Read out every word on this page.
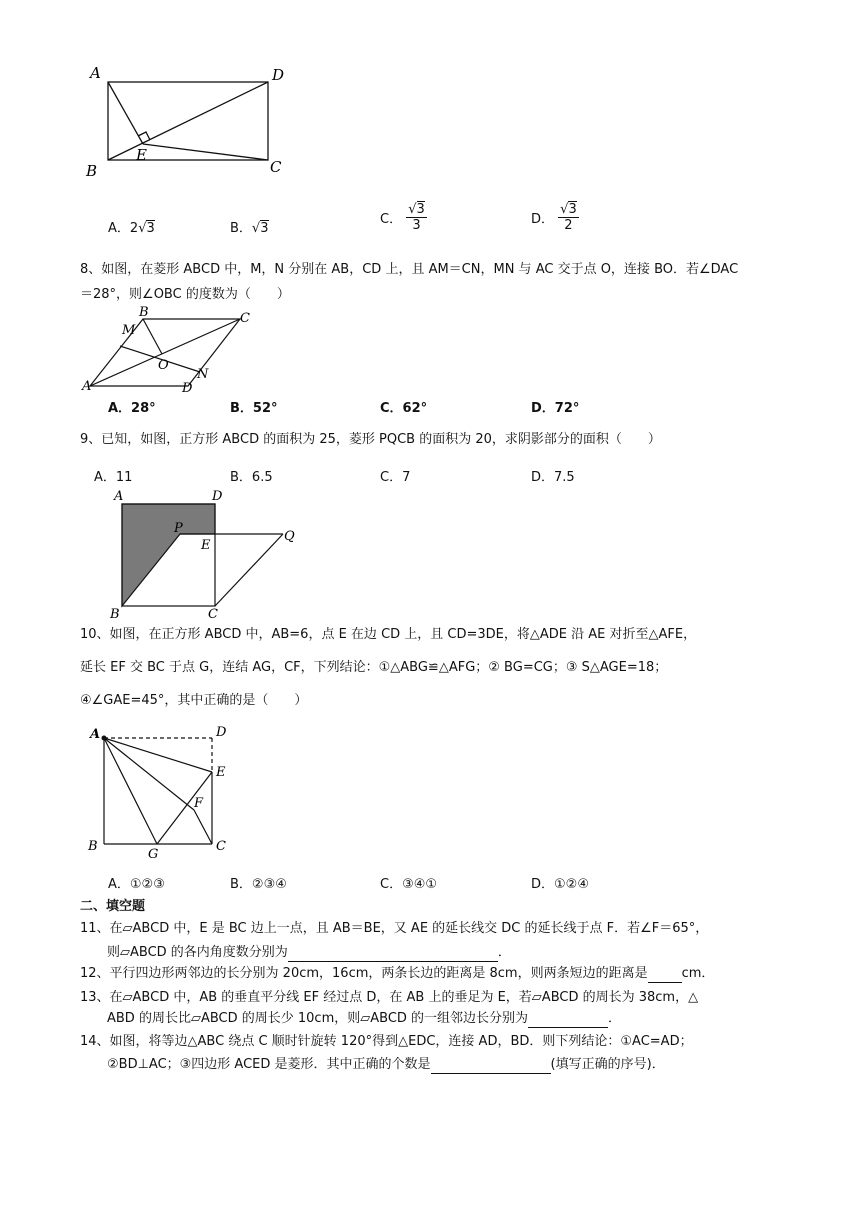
A	D
B	C
E
A．2√3	B．√3
C． $\frac{√3}{3}$	D． $\frac{√3}{2}$
8、如图，在菱形 ABCD 中，M，N 分别在 AB，CD 上，且 AM＝CN，MN 与 AC 交于点 O，连接 BO．若∠DAC
＝28°，则∠OBC 的度数为（　　）
B	C
M
O
N
A	D
A．28°	B．52°	C．62°	D．72°
9、已知，如图，正方形 ABCD 的面积为 25，菱形 PQCB 的面积为 20，求阴影部分的面积（　　）
A．11	B．6.5	C．7	D．7.5
A	D
P
E
Q
B	C
10、如图，在正方形 ABCD 中，AB=6，点 E 在边 CD 上，且 CD=3DE，将△ADE 沿 AE 对折至△AFE，
延长 EF 交 BC 于点 G，连结 AG，CF，下列结论：①△ABG≌△AFG；② BG=CG；③ S△AGE=18；
④∠GAE=45°，其中正确的是（　　）
A	D
E
F
B
G
C
A．①②③	B．②③④	C．③④①	D．①②④
二、填空题
11、在▱ABCD 中，E 是 BC 边上一点，且 AB＝BE，又 AE 的延长线交 DC 的延长线于点 F．若∠F＝65°，
则▱ABCD 的各内角度数分别为	．
12、平行四边形两邻边的长分别为 20cm，16cm，两条长边的距离是 8cm，则两条短边的距离是	cm．
13、在▱ABCD 中，AB 的垂直平分线 EF 经过点 D，在 AB 上的垂足为 E，若▱ABCD 的周长为 38cm，△
ABD 的周长比▱ABCD 的周长少 10cm，则▱ABCD 的一组邻边长分别为	．
14、如图，将等边△ABC 绕点 C 顺时针旋转 120°得到△EDC，连接 AD，BD．则下列结论：①AC=AD；
②BD⊥AC；③四边形 ACED 是菱形．其中正确的个数是	(填写正确的序号)．
